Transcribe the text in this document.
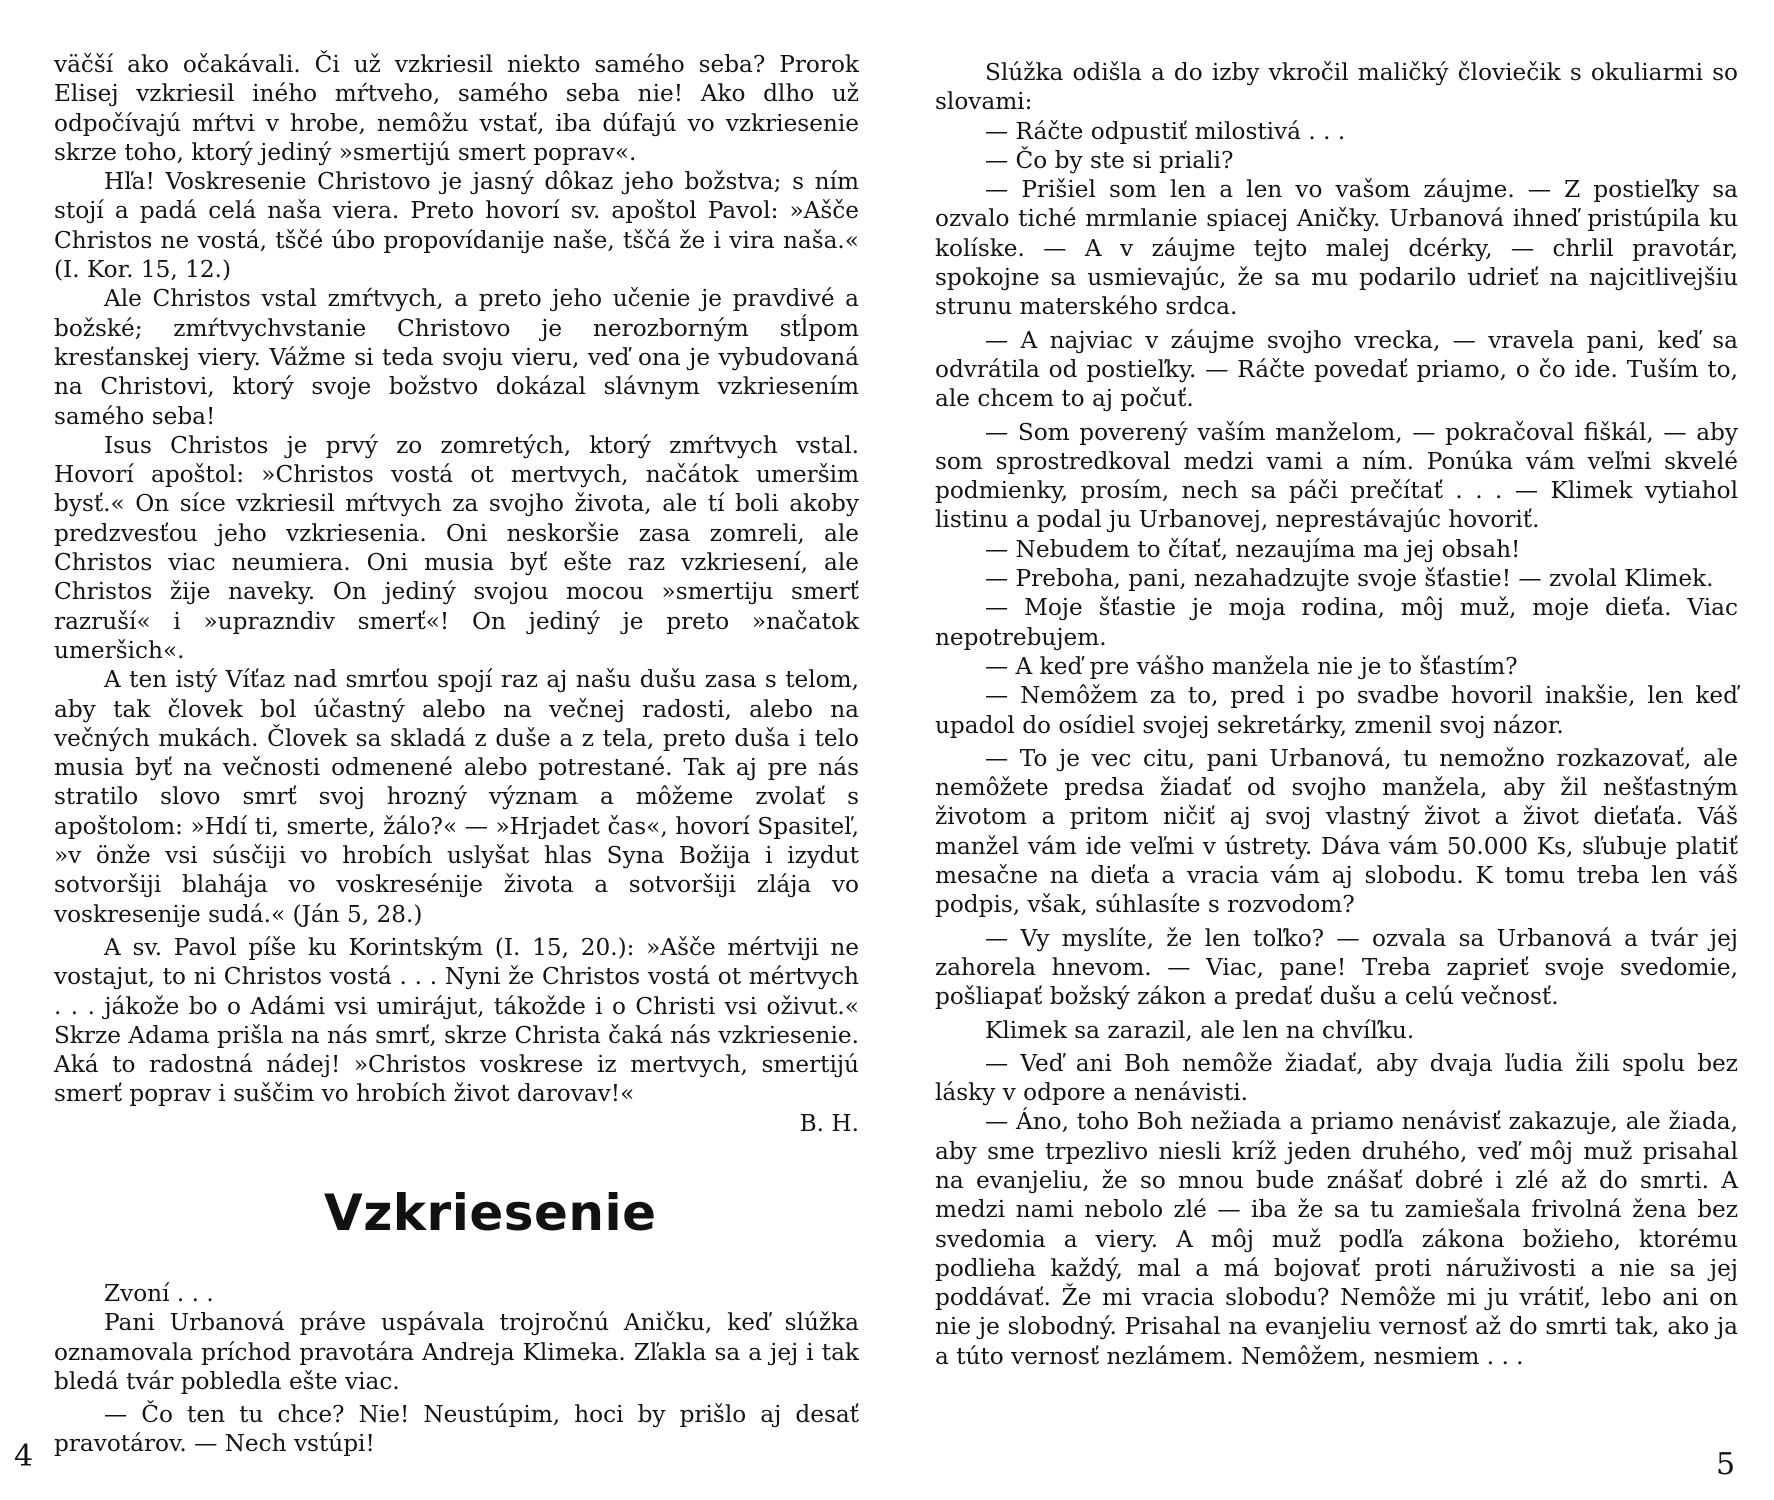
väčší ako očakávali. Či už vzkriesil niekto samého seba? Prorok Elisej vzkriesil iného mŕtveho, samého seba nie! Ako dlho už odpočívajú mŕtvi v hrobe, nemôžu vstať, iba dúfajú vo vzkriesenie skrze toho, ktorý jediný »smertijú smert poprav«.

Hľa! Voskresenie Christovo je jasný dôkaz jeho božstva; s ním stojí a padá celá naša viera. Preto hovorí sv. apoštol Pavol: »Ašče Christos ne vostá, tščé úbo propovídanije naše, tščá že i vira naša.« (I. Kor. 15, 12.)

Ale Christos vstal zmŕtvych, a preto jeho učenie je pravdivé a božské; zmŕtvychvstanie Christovo je nerozborným stĺpom kresťanskej viery. Vážme si teda svoju vieru, veď ona je vybudovaná na Christovi, ktorý svoje božstvo dokázal slávnym vzkriesením samého seba!

Isus Christos je prvý zo zomretých, ktorý zmŕtvych vstal. Hovorí apoštol: »Christos vostá ot mertvych, načátok umeršim bysť.« On síce vzkriesil mŕtvych za svojho života, ale tí boli akoby predzvesťou jeho vzkriesenia. Oni neskoršie zasa zomreli, ale Christos viac neumiera. Oni musia byť ešte raz vzkriesení, ale Christos žije naveky. On jediný svojou mocou »smertiju smerť razruší« i »uprazndiv smerť«! On jediný je preto »načatok umeršich«.

A ten istý Víťaz nad smrťou spojí raz aj našu dušu zasa s telom, aby tak človek bol účastný alebo na večnej radosti, alebo na večných mukách. Človek sa skladá z duše a z tela, preto duša i telo musia byť na večnosti odmenené alebo potrestané. Tak aj pre nás stratilo slovo smrť svoj hrozný význam a môžeme zvolať s apoštolom: »Hdí ti, smerte, žálo?« — »Hrjadet čas«, hovorí Spasiteľ, »v önže vsi súsčiji vo hrobích uslyšat hlas Syna Božija i izydut sotvoršiji blahája vo voskresénije života a sotvoršiji zlája vo voskresenije sudá.« (Ján 5, 28.)

A sv. Pavol píše ku Korintským (I. 15, 20.): »Ašče mértviji ne vostajut, to ni Christos vostá . . . Nyni že Christos vostá ot mértvych . . . jákože bo o Adámi vsi umirájut, tákožde i o Christi vsi oživut.« Skrze Adama prišla na nás smrť, skrze Christa čaká nás vzkriesenie. Aká to radostná nádej! »Christos voskrese iz mertvych, smertijú smerť poprav i suščim vo hrobích život darovav!«

B. H.
Vzkriesenie

Zvoní . . .

Pani Urbanová práve uspávala trojročnú Aničku, keď slúžka oznamovala príchod pravotára Andreja Klimeka. Zľakla sa a jej i tak bledá tvár pobledla ešte viac.

— Čo ten tu chce? Nie! Neustúpim, hoci by prišlo aj desať pravotárov. — Nech vstúpi!

4

Slúžka odišla a do izby vkročil maličký človiečik s okuliarmi so slovami:

— Ráčte odpustiť milostivá . . .

— Čo by ste si priali?

— Prišiel som len a len vo vašom záujme. — Z postieľky sa ozvalo tiché mrmlanie spiacej Aničky. Urbanová ihneď pristúpila ku kolíske. — A v záujme tejto malej dcérky, — chrlil pravotár, spokojne sa usmievajúc, že sa mu podarilo udrieť na najcitlivejšiu strunu materského srdca.

— A najviac v záujme svojho vrecka, — vravela pani, keď sa odvrátila od postieľky. — Ráčte povedať priamo, o čo ide. Tuším to, ale chcem to aj počuť.

— Som poverený vaším manželom, — pokračoval fiškál, — aby som sprostredkoval medzi vami a ním. Ponúka vám veľmi skvelé podmienky, prosím, nech sa páči prečítať . . . — Klimek vytiahol listinu a podal ju Urbanovej, neprestávajúc hovoriť.

— Nebudem to čítať, nezaujíma ma jej obsah!

— Preboha, pani, nezahadzujte svoje šťastie! — zvolal Klimek.

— Moje šťastie je moja rodina, môj muž, moje dieťa. Viac nepotrebujem.

— A keď pre vášho manžela nie je to šťastím?

— Nemôžem za to, pred i po svadbe hovoril inakšie, len keď upadol do osídiel svojej sekretárky, zmenil svoj názor.

— To je vec citu, pani Urbanová, tu nemožno rozkazovať, ale nemôžete predsa žiadať od svojho manžela, aby žil nešťastným životom a pritom ničiť aj svoj vlastný život a život dieťaťa. Váš manžel vám ide veľmi v ústrety. Dáva vám 50.000 Ks, sľubuje platiť mesačne na dieťa a vracia vám aj slobodu. K tomu treba len váš podpis, však, súhlasíte s rozvodom?

— Vy myslíte, že len toľko? — ozvala sa Urbanová a tvár jej zahorela hnevom. — Viac, pane! Treba zaprieť svoje svedomie, pošliapať božský zákon a predať dušu a celú večnosť.

Klimek sa zarazil, ale len na chvíľku.

— Veď ani Boh nemôže žiadať, aby dvaja ľudia žili spolu bez lásky v odpore a nenávisti.

— Áno, toho Boh nežiada a priamo nenávisť zakazuje, ale žiada, aby sme trpezlivo niesli kríž jeden druhého, veď môj muž prisahal na evanjeliu, že so mnou bude znášať dobré i zlé až do smrti. A medzi nami nebolo zlé — iba že sa tu zamiešala frivolná žena bez svedomia a viery. A môj muž podľa zákona božieho, ktorému podlieha každý, mal a má bojovať proti náruživosti a nie sa jej poddávať. Že mi vracia slobodu? Nemôže mi ju vrátiť, lebo ani on nie je slobodný. Prisahal na evanjeliu vernosť až do smrti tak, ako ja a túto vernosť nezlámem. Nemôžem, nesmiem . . .

5
